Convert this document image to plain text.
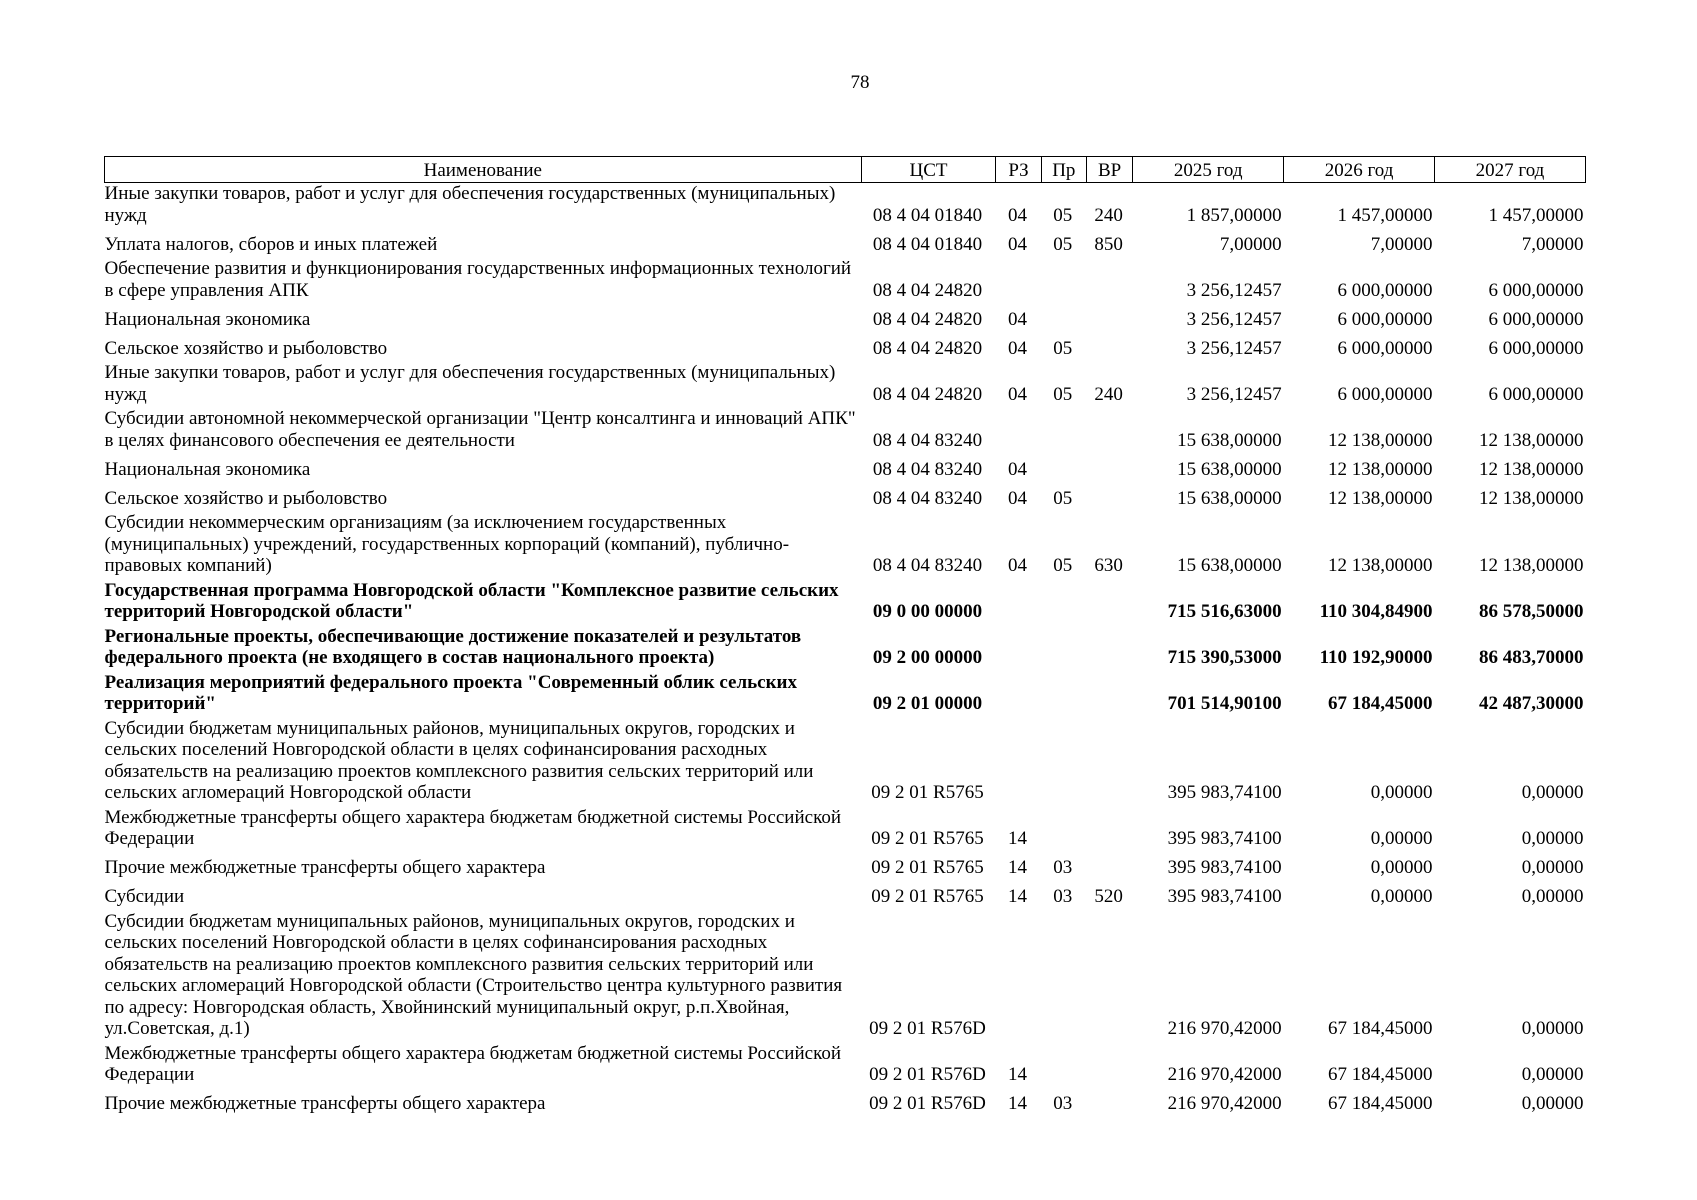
78
Наименование	ЦСТ	РЗ	Пр	ВР	2025 год	2026 год	2027 год
Иные закупки товаров, работ и услуг для обеспечения государственных (муниципальных) нужд	08 4 04 01840	04	05	240	1 857,00000	1 457,00000	1 457,00000
Уплата налогов, сборов и иных платежей	08 4 04 01840	04	05	850	7,00000	7,00000	7,00000
Обеспечение развития и функционирования государственных информационных технологий в сфере управления АПК	08 4 04 24820				3 256,12457	6 000,00000	6 000,00000
Национальная экономика	08 4 04 24820	04			3 256,12457	6 000,00000	6 000,00000
Сельское хозяйство и рыболовство	08 4 04 24820	04	05		3 256,12457	6 000,00000	6 000,00000
Иные закупки товаров, работ и услуг для обеспечения государственных (муниципальных) нужд	08 4 04 24820	04	05	240	3 256,12457	6 000,00000	6 000,00000
Субсидии автономной некоммерческой организации "Центр консалтинга и инноваций АПК" в целях финансового обеспечения ее деятельности	08 4 04 83240				15 638,00000	12 138,00000	12 138,00000
Национальная экономика	08 4 04 83240	04			15 638,00000	12 138,00000	12 138,00000
Сельское хозяйство и рыболовство	08 4 04 83240	04	05		15 638,00000	12 138,00000	12 138,00000
Субсидии некоммерческим организациям (за исключением государственных (муниципальных) учреждений, государственных корпораций (компаний), публично-правовых компаний)	08 4 04 83240	04	05	630	15 638,00000	12 138,00000	12 138,00000
Государственная программа Новгородской области "Комплексное развитие сельских территорий Новгородской области"	09 0 00 00000				715 516,63000	110 304,84900	86 578,50000
Региональные проекты, обеспечивающие достижение показателей и результатов федерального проекта (не входящего в состав национального проекта)	09 2 00 00000				715 390,53000	110 192,90000	86 483,70000
Реализация мероприятий федерального проекта "Современный облик сельских территорий"	09 2 01 00000				701 514,90100	67 184,45000	42 487,30000
Субсидии бюджетам муниципальных районов, муниципальных округов, городских и сельских поселений Новгородской области в целях софинансирования расходных обязательств на реализацию проектов комплексного развития сельских территорий или сельских агломераций Новгородской области	09 2 01 R5765				395 983,74100	0,00000	0,00000
Межбюджетные трансферты общего характера бюджетам бюджетной системы Российской Федерации	09 2 01 R5765	14			395 983,74100	0,00000	0,00000
Прочие межбюджетные трансферты общего характера	09 2 01 R5765	14	03		395 983,74100	0,00000	0,00000
Субсидии	09 2 01 R5765	14	03	520	395 983,74100	0,00000	0,00000
Субсидии бюджетам муниципальных районов, муниципальных округов, городских и сельских поселений Новгородской области в целях софинансирования расходных обязательств на реализацию проектов комплексного развития сельских территорий или сельских агломераций Новгородской области (Строительство центра культурного развития по адресу: Новгородская область, Хвойнинский муниципальный округ, р.п.Хвойная, ул.Советская, д.1)	09 2 01 R576D				216 970,42000	67 184,45000	0,00000
Межбюджетные трансферты общего характера бюджетам бюджетной системы Российской Федерации	09 2 01 R576D	14			216 970,42000	67 184,45000	0,00000
Прочие межбюджетные трансферты общего характера	09 2 01 R576D	14	03		216 970,42000	67 184,45000	0,00000
